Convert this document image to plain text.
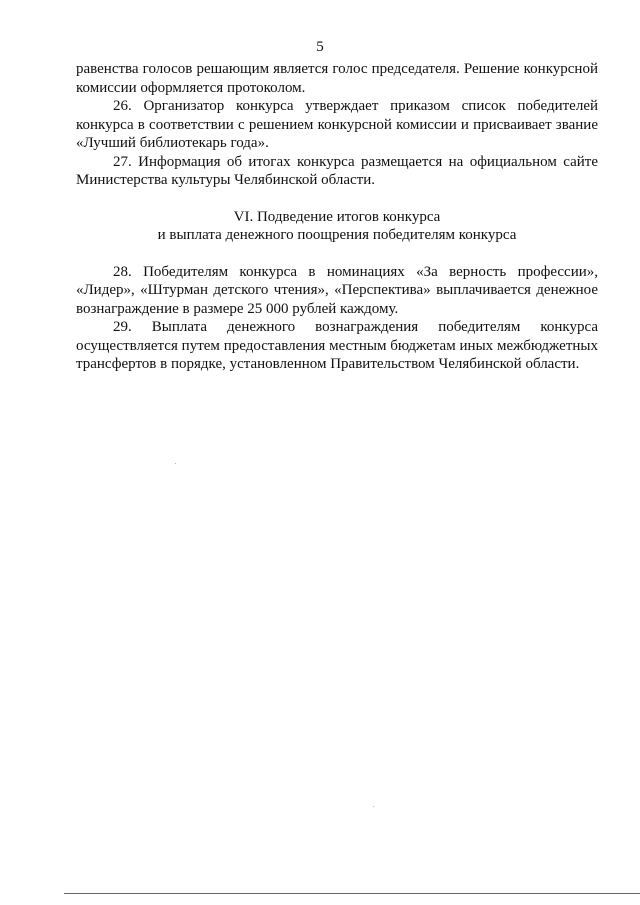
5

равенства голосов решающим является голос председателя. Решение конкурсной комиссии оформляется протоколом.

26. Организатор конкурса утверждает приказом список победителей конкурса в соответствии с решением конкурсной комиссии и присваивает звание «Лучший библиотекарь года».

27. Информация об итогах конкурса размещается на официальном сайте Министерства культуры Челябинской области.

VI. Подведение итогов конкурса
и выплата денежного поощрения победителям конкурса

28. Победителям конкурса в номинациях «За верность профессии», «Лидер», «Штурман детского чтения», «Перспектива» выплачивается денежное вознаграждение в размере 25 000 рублей каждому.

29. Выплата денежного вознаграждения победителям конкурса осуществляется путем предоставления местным бюджетам иных межбюджетных трансфертов в порядке, установленном Правительством Челябинской области.
